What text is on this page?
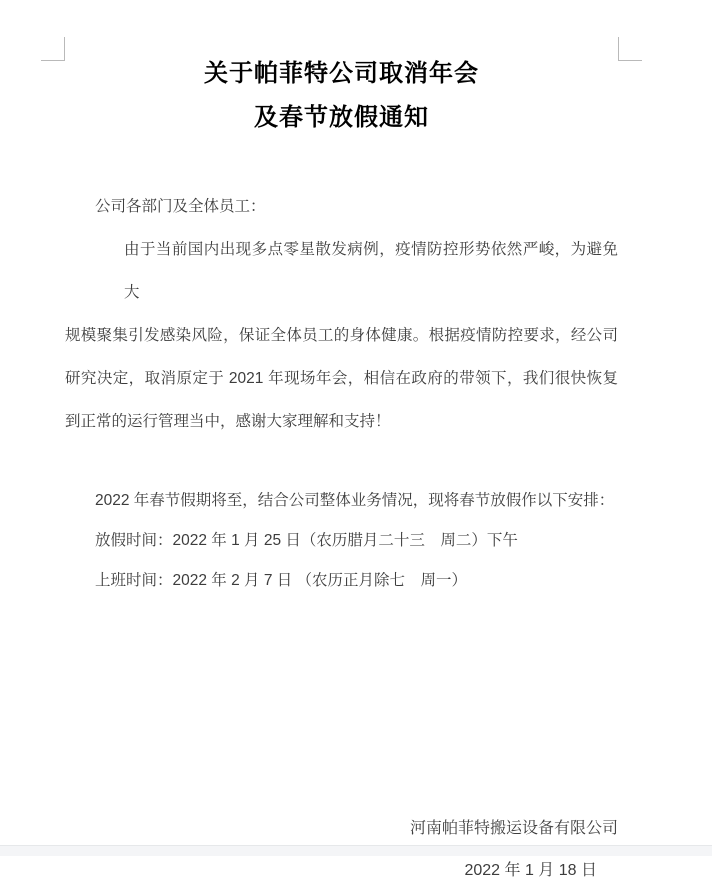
关于帕菲特公司取消年会
及春节放假通知
公司各部门及全体员工：
由于当前国内出现多点零星散发病例，疫情防控形势依然严峻，为避免大
规模聚集引发感染风险，保证全体员工的身体健康。根据疫情防控要求，经公司
研究决定，取消原定于 2021 年现场年会，相信在政府的带领下，我们很快恢复
到正常的运行管理当中，感谢大家理解和支持！
2022 年春节假期将至，结合公司整体业务情况，现将春节放假作以下安排：
放假时间：2022 年 1 月 25 日（农历腊月二十三　周二）下午
上班时间：2022 年 2 月 7 日 （农历正月除七　周一）
河南帕菲特搬运设备有限公司
2022 年 1 月 18 日
